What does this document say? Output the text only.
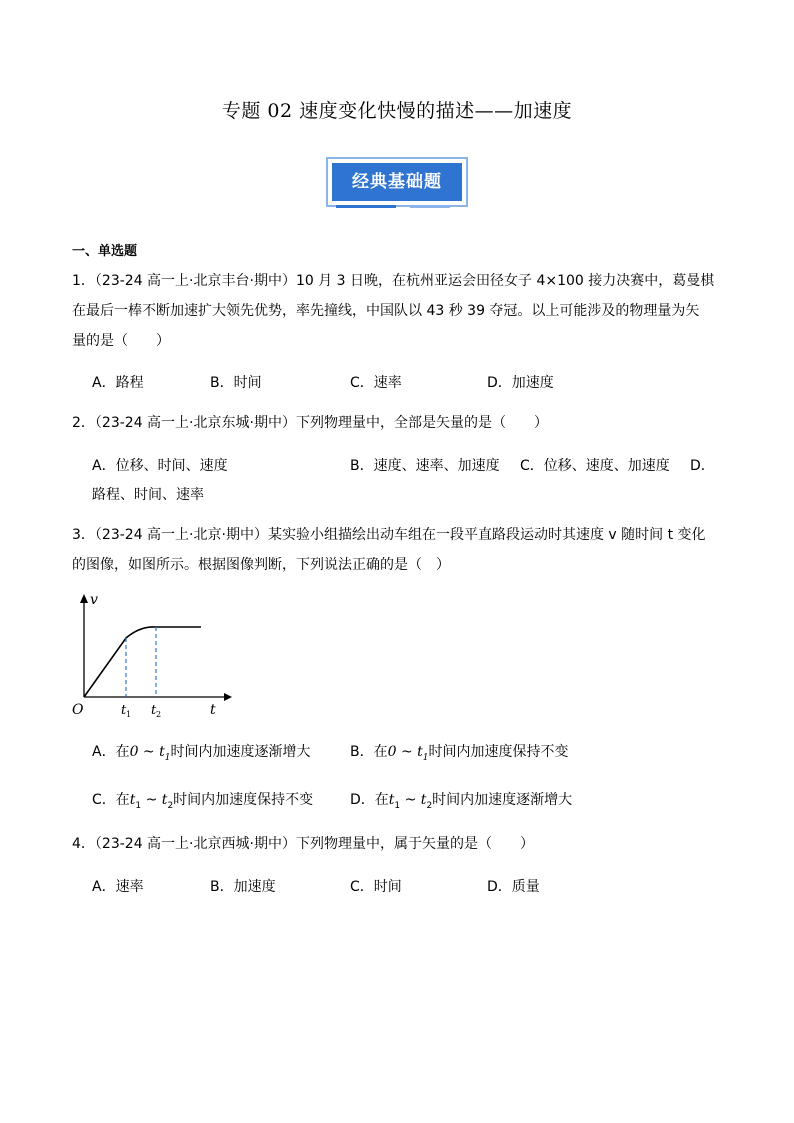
专题 02 速度变化快慢的描述——加速度
经典基础题
一、单选题
1．（23-24 高一上·北京丰台·期中）10 月 3 日晚，在杭州亚运会田径女子 4×100 接力决赛中，葛曼棋
在最后一棒不断加速扩大领先优势，率先撞线，中国队以 43 秒 39 夺冠。以上可能涉及的物理量为矢
量的是（　　）
A．路程	B．时间	C．速率	D．加速度
2．（23-24 高一上·北京东城·期中）下列物理量中，全部是矢量的是（　　）
A．位移、时间、速度	B．速度、速率、加速度 C．位移、速度、加速度 D．
路程、时间、速率
3．（23-24 高一上·北京·期中）某实验小组描绘出动车组在一段平直路段运动时其速度 v 随时间 t 变化
的图像，如图所示。根据图像判断，下列说法正确的是（　）
v
t
O	t 1 t 2
A．在0 ~ $t_1$时间内加速度逐渐增大	B．在0 ~ $t_1$时间内加速度保持不变
C．在$t_1$ ~ $t_2$时间内加速度保持不变	D．在$t_1$ ~ $t_2$时间内加速度逐渐增大
4．（23-24 高一上·北京西城·期中）下列物理量中，属于矢量的是（　　）
A．速率	B．加速度	C．时间	D．质量
